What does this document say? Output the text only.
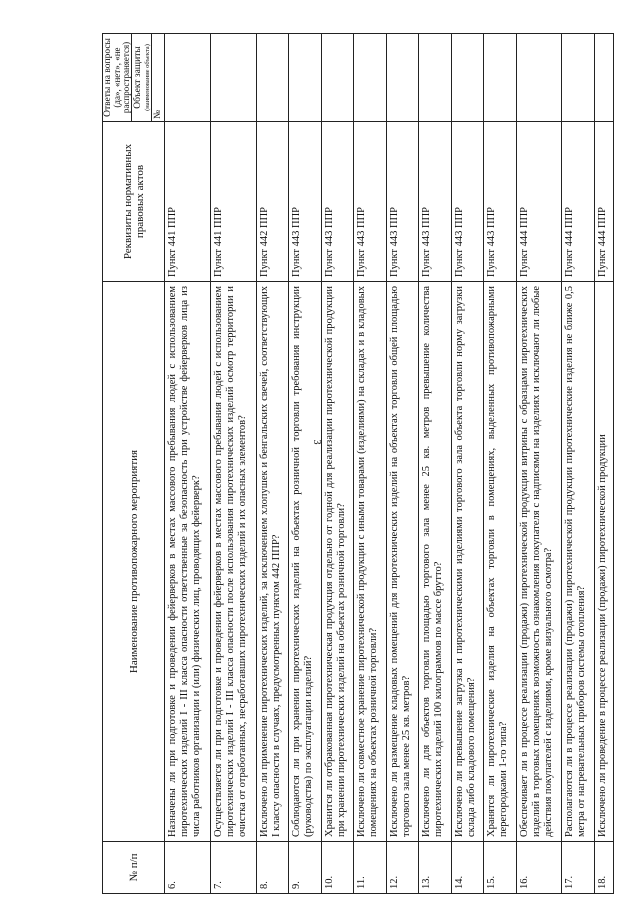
3
№ п/п	Наименование противопожарного мероприятия	Реквизиты нормативных правовых актов	Ответы на вопросы (да», «нет», «не распространяется) Объект защиты (наименование объекта)
№

6.	Назначены ли при подготовке и проведении фейерверков в местах массового пребывания людей с использованием пиротехнических изделий I - III класса опасности ответственные за безопасность при устройстве фейерверков лица из числа работников организации и (или) физических лиц, проводящих фейерверк?	Пункт 441 ППР	
7.	Осуществляется ли при подготовке и проведении фейерверков в местах массового пребывания людей с использованием пиротехнических изделий I - III класса опасности после использования пиротехнических изделий осмотр территории и очистка от отработанных, несработавших пиротехнических изделий и их опасных элементов?	Пункт 441 ППР	
8.	Исключено ли применение пиротехнических изделий, за исключением хлопушек и бенгальских свечей, соответствующих I классу опасности в случаях, предусмотренных пунктом 442 ППР?	Пункт 442 ППР	
9.	Соблюдаются ли при хранении пиротехнических изделий на объектах розничной торговли требования инструкции (руководства) по эксплуатации изделий?	Пункт 443 ППР	
10.	Хранится ли отбракованная пиротехническая продукция отдельно от годной для реализации пиротехнической продукции при хранении пиротехнических изделий на объектах розничной торговли?	Пункт 443 ППР	
11.	Исключено ли совместное хранение пиротехнической продукции с иными товарами (изделиями) на складах и в кладовых помещениях на объектах розничной торговли?	Пункт 443 ППР	
12.	Исключено ли размещение кладовых помещений для пиротехнических изделий на объектах торговли общей площадью торгового зала менее 25 кв. метров?	Пункт 443 ППР	
13.	Исключено ли для объектов торговли площадью торгового зала менее 25 кв. метров превышение количества пиротехнических изделий 100 килограммов по массе брутто?	Пункт 443 ППР	
14.	Исключено ли превышение загрузка и пиротехническими изделиями торгового зала объекта торговли норму загрузки склада либо кладового помещения?	Пункт 443 ППР	
15.	Хранятся ли пиротехнические изделия на объектах торговли в помещениях, выделенных противопожарными перегородками 1-го типа?	Пункт 443 ППР	
16.	Обеспечивает ли в процессе реализации (продажи) пиротехнической продукции витрины с образцами пиротехнических изделий в торговых помещениях возможность ознакомления покупателя с надписями на изделиях и исключают ли любые действия покупателей с изделиями, кроме визуального осмотра?	Пункт 444 ППР	
17.	Располагаются ли в процессе реализации (продажи) пиротехнической продукции пиротехнические изделия не ближе 0,5 метра от нагревательных приборов системы отопления?	Пункт 444 ППР	
18.	Исключено ли проведение в процессе реализации (продажи) пиротехнической продукции	Пункт 444 ППР	
